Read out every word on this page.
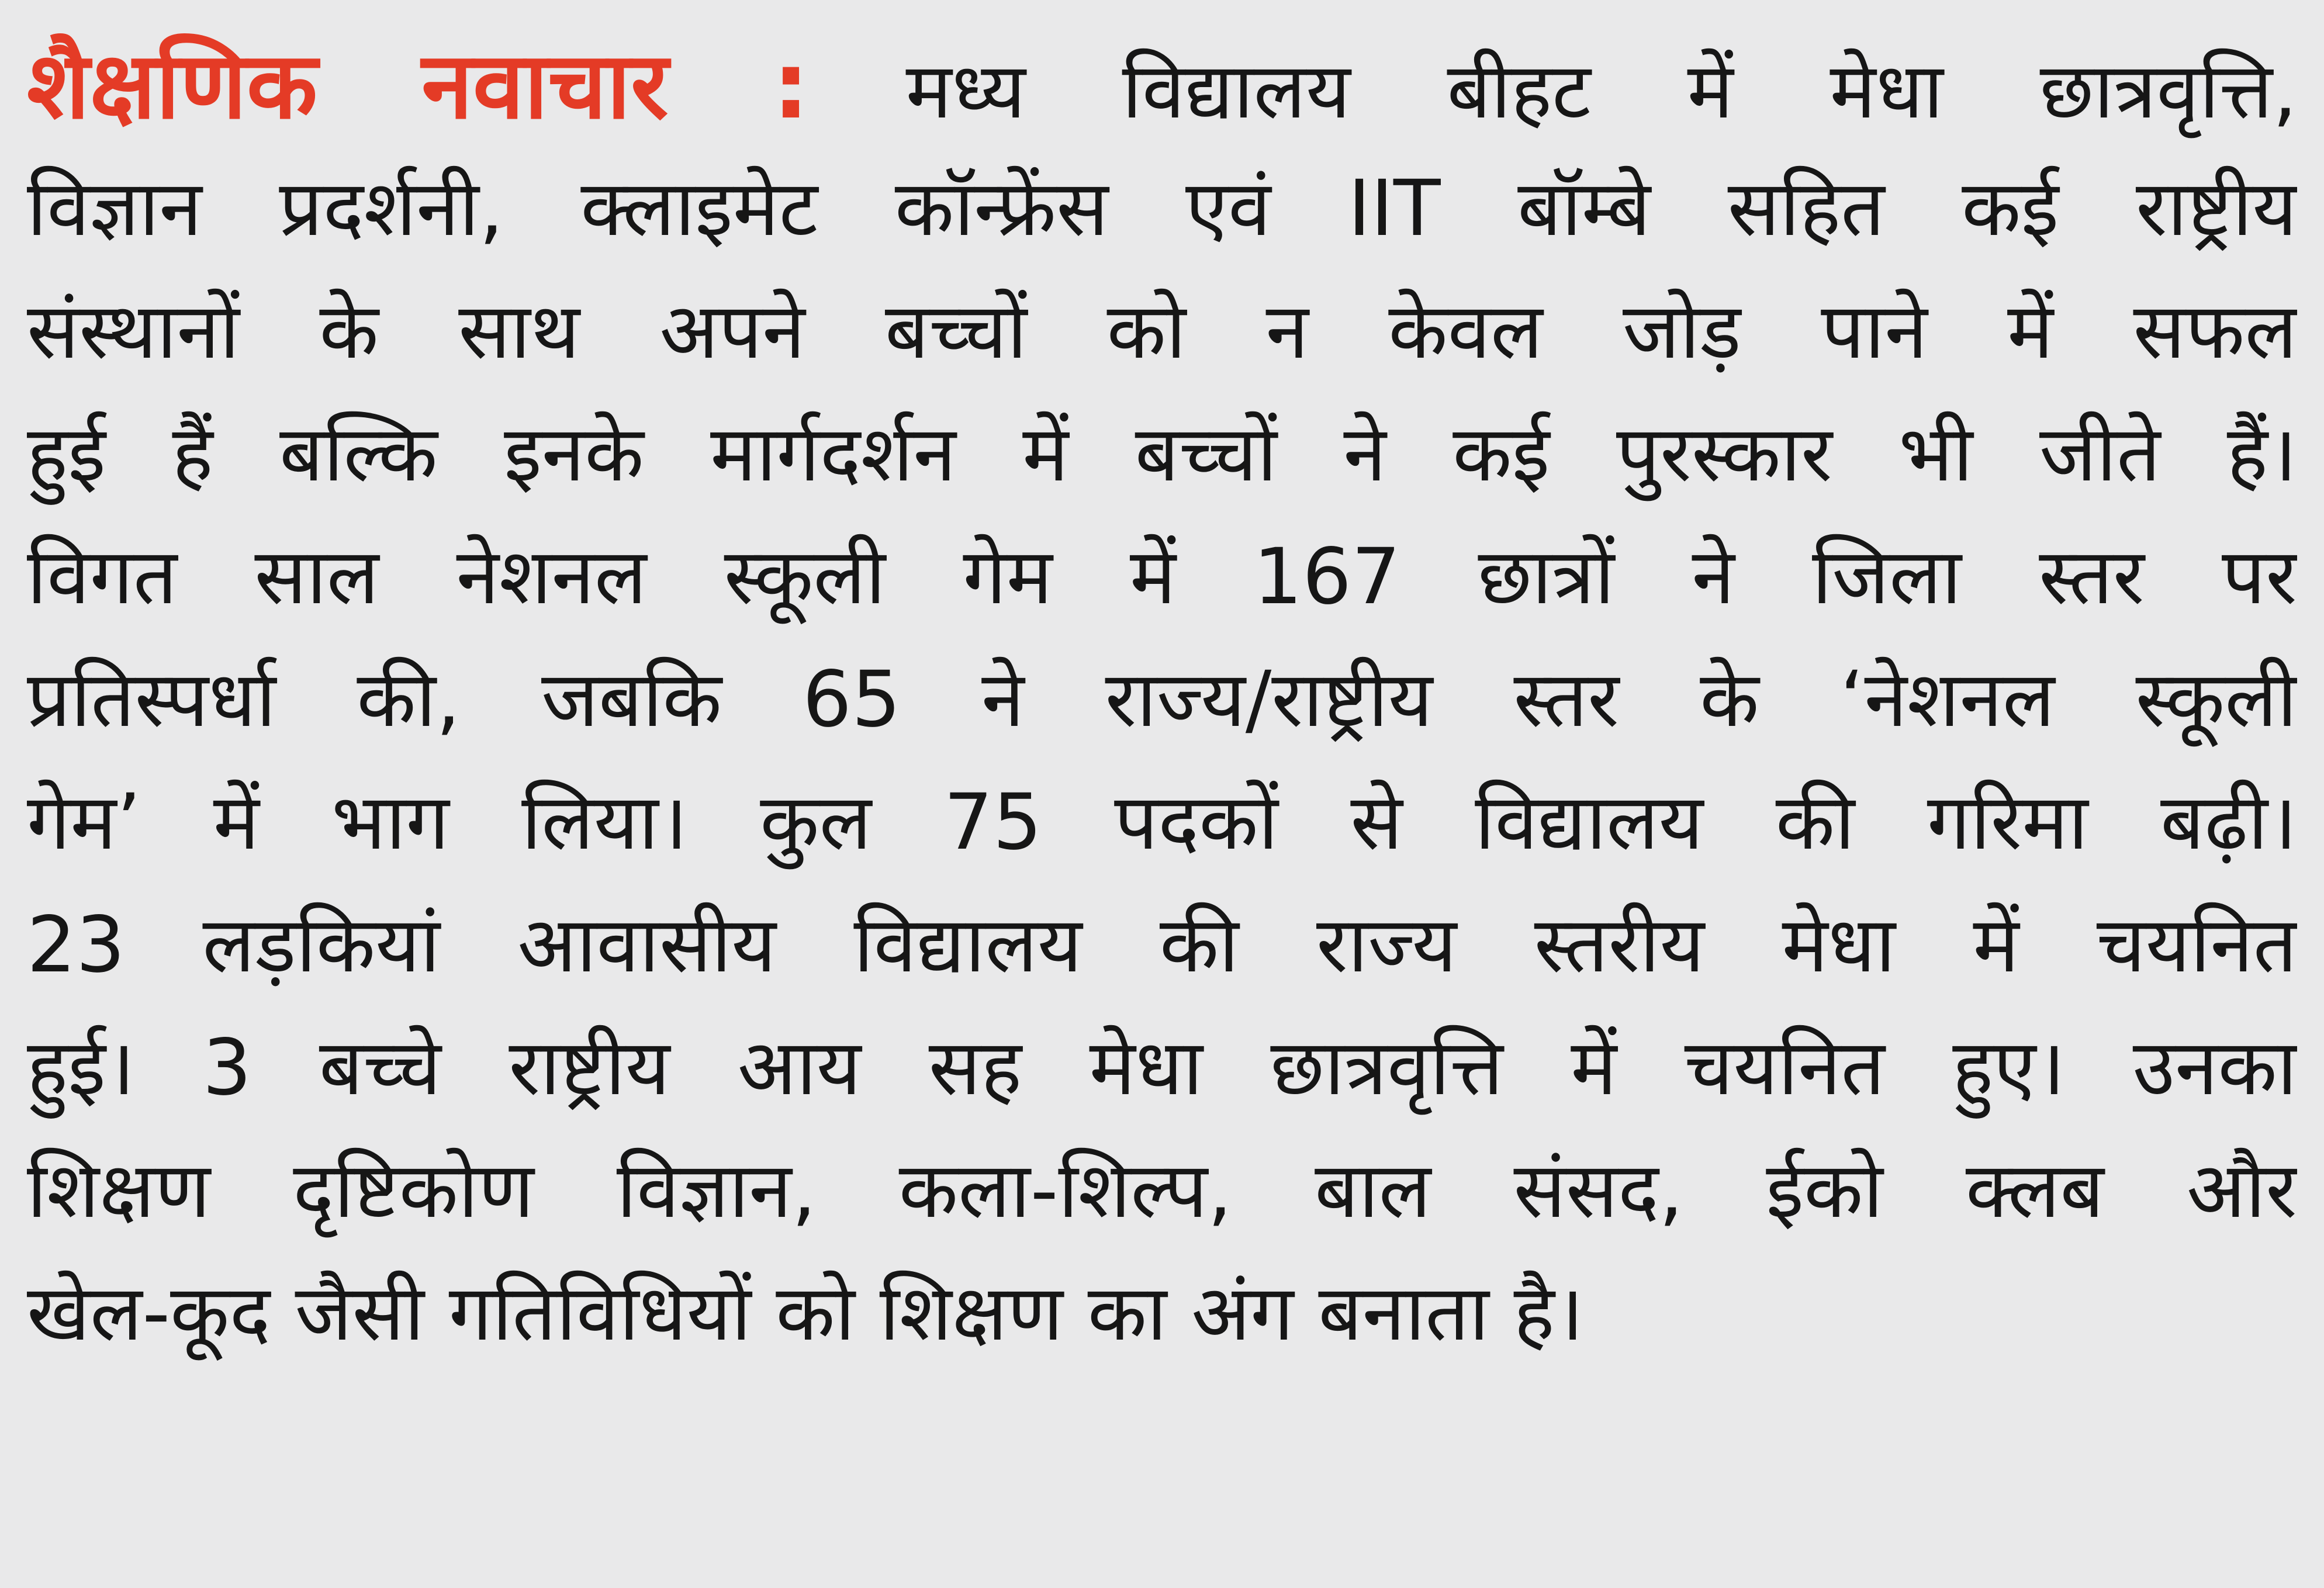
शैक्षणिक नवाचार : मध्य विद्यालय बीहट में मेधा छात्रवृत्ति,
विज्ञान प्रदर्शनी, क्लाइमेट कॉन्फ्रेंस एवं IIT बॉम्बे सहित कई राष्ट्रीय
संस्थानों के साथ अपने बच्चों को न केवल जोड़ पाने में सफल
हुई हैं बल्कि इनके मार्गदर्शन में बच्चों ने कई पुरस्कार भी जीते हैं।
विगत साल नेशनल स्कूली गेम में 167 छात्रों ने जिला स्तर पर
प्रतिस्पर्धा की, जबकि 65 ने राज्य/राष्ट्रीय स्तर के ‘नेशनल स्कूली
गेम’ में भाग लिया। कुल 75 पदकों से विद्यालय की गरिमा बढ़ी।
23 लड़कियां आवासीय विद्यालय की राज्य स्तरीय मेधा में चयनित
हुई। 3 बच्चे राष्ट्रीय आय सह मेधा छात्रवृत्ति में चयनित हुए। उनका
शिक्षण दृष्टिकोण विज्ञान, कला-शिल्प, बाल संसद, ईको क्लब और
खेल-कूद जैसी गतिविधियों को शिक्षण का अंग बनाता है।
